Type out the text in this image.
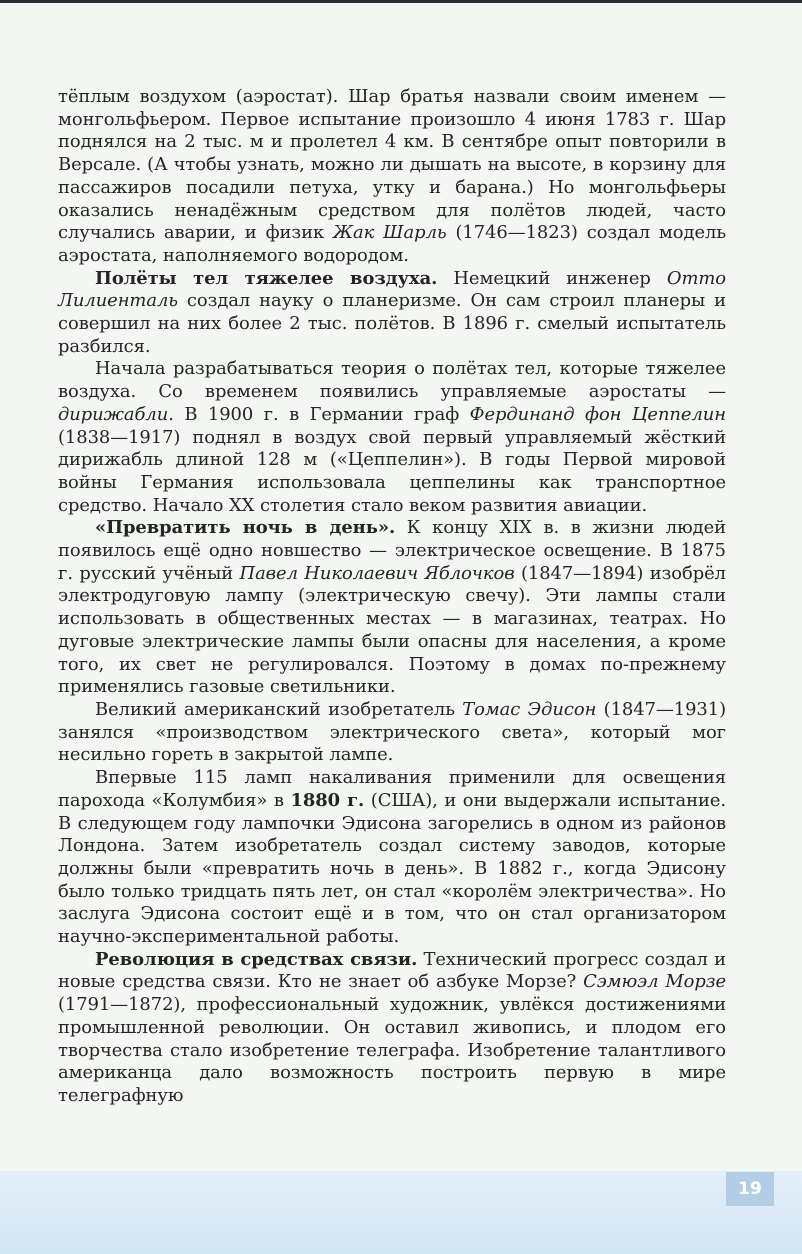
тёплым воздухом (аэростат). Шар братья назвали своим именем — монгольфьером. Первое испытание произошло 4 июня 1783 г. Шар поднялся на 2 тыс. м и пролетел 4 км. В сентябре опыт повторили в Версале. (А чтобы узнать, можно ли дышать на высоте, в корзину для пассажиров посадили петуха, утку и барана.) Но монгольфьеры оказались ненадёжным средством для полётов людей, часто случались аварии, и физик Жак Шарль (1746—1823) создал модель аэростата, наполняемого водородом.

Полёты тел тяжелее воздуха. Немецкий инженер Отто Лилиенталь создал науку о планеризме. Он сам строил планеры и совершил на них более 2 тыс. полётов. В 1896 г. смелый испытатель разбился.

Начала разрабатываться теория о полётах тел, которые тяжелее воздуха. Со временем появились управляемые аэростаты — дирижабли. В 1900 г. в Германии граф Фердинанд фон Цеппелин (1838—1917) поднял в воздух свой первый управляемый жёсткий дирижабль длиной 128 м («Цеппелин»). В годы Первой мировой войны Германия использовала цеппелины как транспортное средство. Начало XX столетия стало веком развития авиации.

«Превратить ночь в день». К концу XIX в. в жизни людей появилось ещё одно новшество — электрическое освещение. В 1875 г. русский учёный Павел Николаевич Яблочков (1847—1894) изобрёл электродуговую лампу (электрическую свечу). Эти лампы стали использовать в общественных местах — в магазинах, театрах. Но дуговые электрические лампы были опасны для населения, а кроме того, их свет не регулировался. Поэтому в домах по-прежнему применялись газовые светильники.

Великий американский изобретатель Томас Эдисон (1847—1931) занялся «производством электрического света», который мог несильно гореть в закрытой лампе.

Впервые 115 ламп накаливания применили для освещения парохода «Колумбия» в 1880 г. (США), и они выдержали испытание. В следующем году лампочки Эдисона загорелись в одном из районов Лондона. Затем изобретатель создал систему заводов, которые должны были «превратить ночь в день». В 1882 г., когда Эдисону было только тридцать пять лет, он стал «королём электричества». Но заслуга Эдисона состоит ещё и в том, что он стал организатором научно-экспериментальной работы.

Революция в средствах связи. Технический прогресс создал и новые средства связи. Кто не знает об азбуке Морзе? Сэмюэл Морзе (1791—1872), профессиональный художник, увлёкся достижениями промышленной революции. Он оставил живопись, и плодом его творчества стало изобретение телеграфа. Изобретение талантливого американца дало возможность построить первую в мире телеграфную

19
